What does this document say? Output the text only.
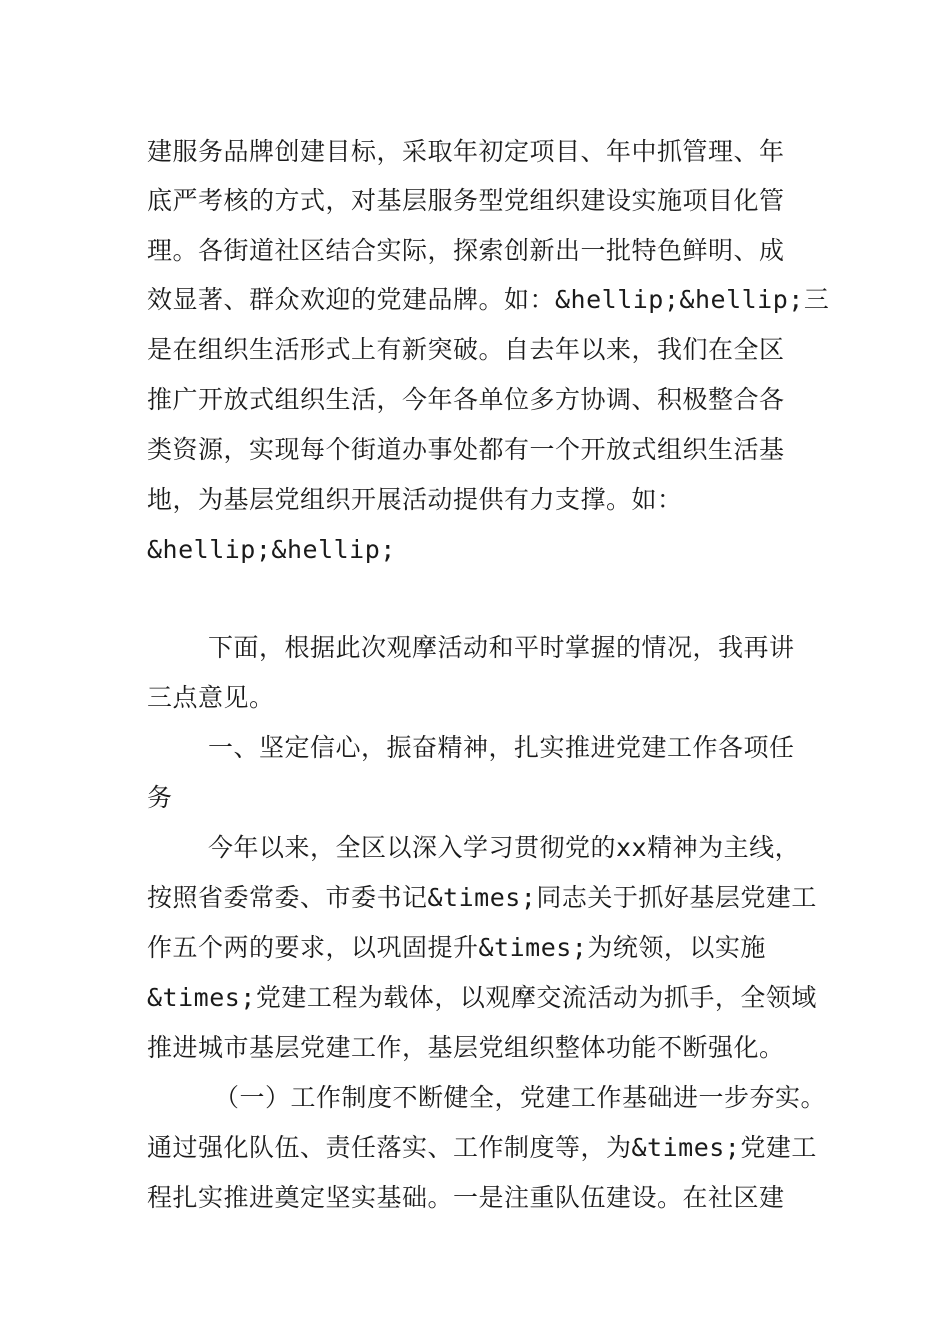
建服务品牌创建目标，采取年初定项目、年中抓管理、年
底严考核的方式，对基层服务型党组织建设实施项目化管
理。各街道社区结合实际，探索创新出一批特色鲜明、成
效显著、群众欢迎的党建品牌。如：&hellip;&hellip;三
是在组织生活形式上有新突破。自去年以来，我们在全区
推广开放式组织生活，今年各单位多方协调、积极整合各
类资源，实现每个街道办事处都有一个开放式组织生活基
地，为基层党组织开展活动提供有力支撑。如：
&hellip;&hellip;
下面，根据此次观摩活动和平时掌握的情况，我再讲
三点意见。
一、坚定信心，振奋精神，扎实推进党建工作各项任
务
今年以来，全区以深入学习贯彻党的xx精神为主线，
按照省委常委、市委书记&times;同志关于抓好基层党建工
作五个两的要求，以巩固提升&times;为统领，以实施
&times;党建工程为载体，以观摩交流活动为抓手，全领域
推进城市基层党建工作，基层党组织整体功能不断强化。
（一）工作制度不断健全，党建工作基础进一步夯实。
通过强化队伍、责任落实、工作制度等，为&times;党建工
程扎实推进奠定坚实基础。一是注重队伍建设。在社区建
